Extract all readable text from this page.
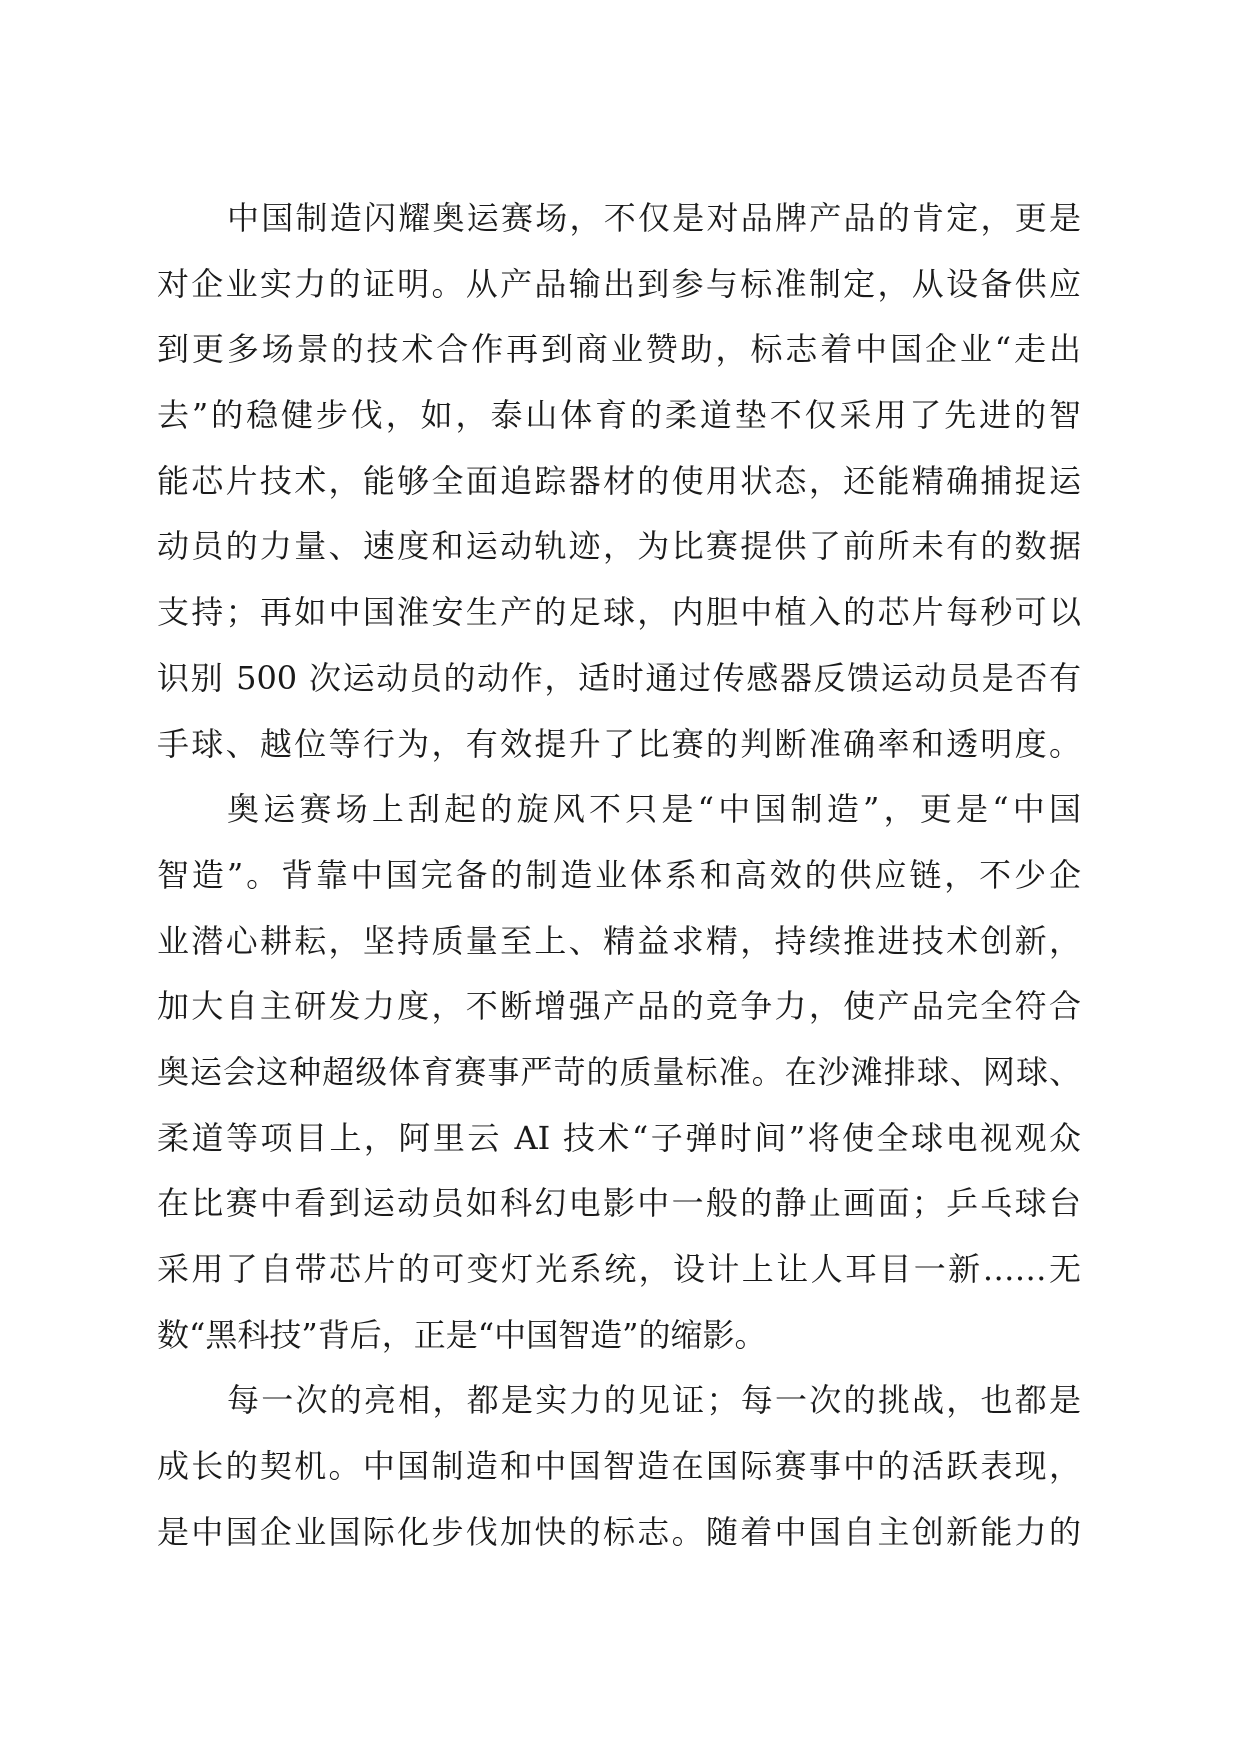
中国制造闪耀奥运赛场，不仅是对品牌产品的肯定，更是
对企业实力的证明。从产品输出到参与标准制定，从设备供应
到更多场景的技术合作再到商业赞助，标志着中国企业“走出
去”的稳健步伐，如，泰山体育的柔道垫不仅采用了先进的智
能芯片技术，能够全面追踪器材的使用状态，还能精确捕捉运
动员的力量、速度和运动轨迹，为比赛提供了前所未有的数据
支持；再如中国淮安生产的足球，内胆中植入的芯片每秒可以
识别 500 次运动员的动作，适时通过传感器反馈运动员是否有
手球、越位等行为，有效提升了比赛的判断准确率和透明度。
奥运赛场上刮起的旋风不只是“中国制造”，更是“中国
智造”。背靠中国完备的制造业体系和高效的供应链，不少企
业潜心耕耘，坚持质量至上、精益求精，持续推进技术创新，
加大自主研发力度，不断增强产品的竞争力，使产品完全符合
奥运会这种超级体育赛事严苛的质量标准。在沙滩排球、网球、
柔道等项目上，阿里云 AI 技术“子弹时间”将使全球电视观众
在比赛中看到运动员如科幻电影中一般的静止画面；乒乓球台
采用了自带芯片的可变灯光系统，设计上让人耳目一新……无
数“黑科技”背后，正是“中国智造”的缩影。
每一次的亮相，都是实力的见证；每一次的挑战，也都是
成长的契机。中国制造和中国智造在国际赛事中的活跃表现，
是中国企业国际化步伐加快的标志。随着中国自主创新能力的
